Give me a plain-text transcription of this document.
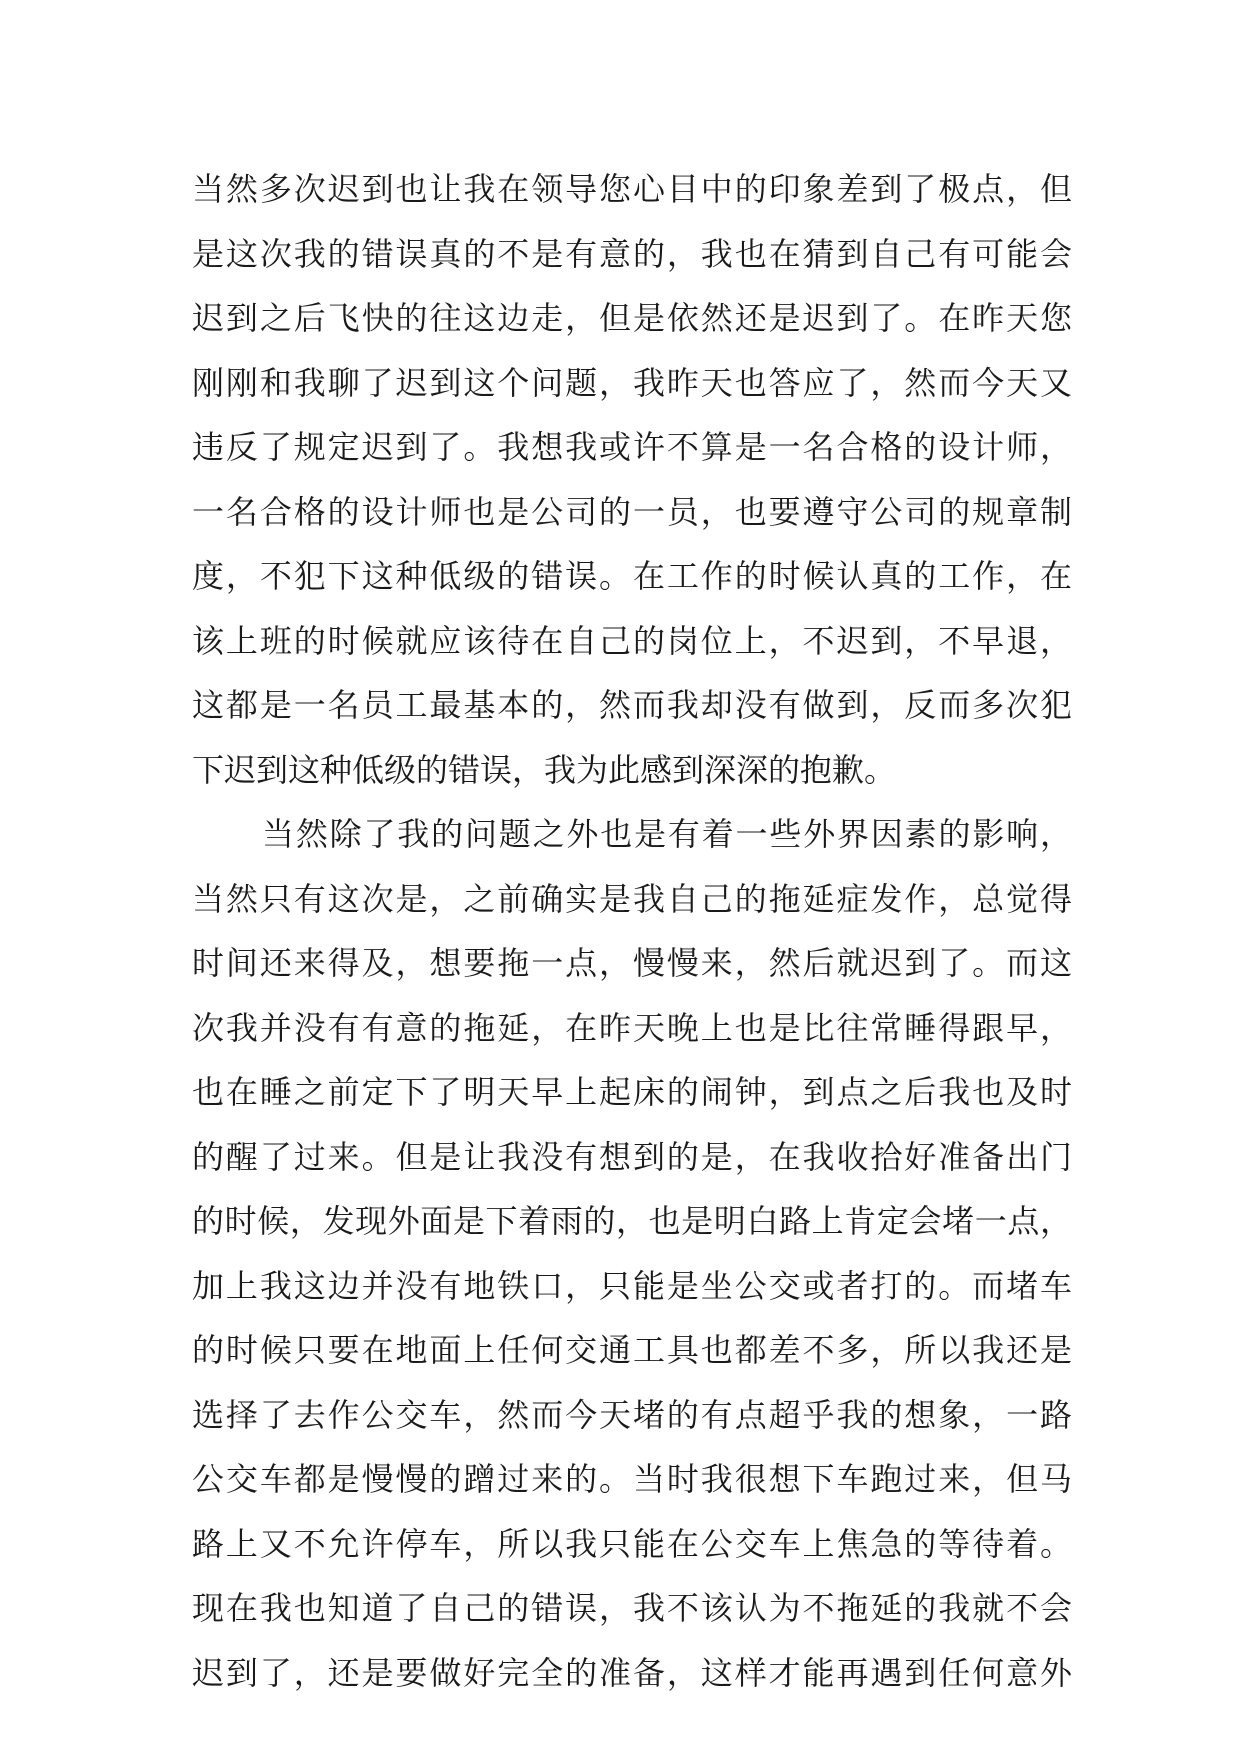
当然多次迟到也让我在领导您心目中的印象差到了极点，但
是这次我的错误真的不是有意的，我也在猜到自己有可能会
迟到之后飞快的往这边走，但是依然还是迟到了。在昨天您
刚刚和我聊了迟到这个问题，我昨天也答应了，然而今天又
违反了规定迟到了。我想我或许不算是一名合格的设计师，
一名合格的设计师也是公司的一员，也要遵守公司的规章制
度，不犯下这种低级的错误。在工作的时候认真的工作，在
该上班的时候就应该待在自己的岗位上，不迟到，不早退，
这都是一名员工最基本的，然而我却没有做到，反而多次犯
下迟到这种低级的错误，我为此感到深深的抱歉。
当然除了我的问题之外也是有着一些外界因素的影响，
当然只有这次是，之前确实是我自己的拖延症发作，总觉得
时间还来得及，想要拖一点，慢慢来，然后就迟到了。而这
次我并没有有意的拖延，在昨天晚上也是比往常睡得跟早，
也在睡之前定下了明天早上起床的闹钟，到点之后我也及时
的醒了过来。但是让我没有想到的是，在我收拾好准备出门
的时候，发现外面是下着雨的，也是明白路上肯定会堵一点，
加上我这边并没有地铁口，只能是坐公交或者打的。而堵车
的时候只要在地面上任何交通工具也都差不多，所以我还是
选择了去作公交车，然而今天堵的有点超乎我的想象，一路
公交车都是慢慢的蹭过来的。当时我很想下车跑过来，但马
路上又不允许停车，所以我只能在公交车上焦急的等待着。
现在我也知道了自己的错误，我不该认为不拖延的我就不会
迟到了，还是要做好完全的准备，这样才能再遇到任何意外
